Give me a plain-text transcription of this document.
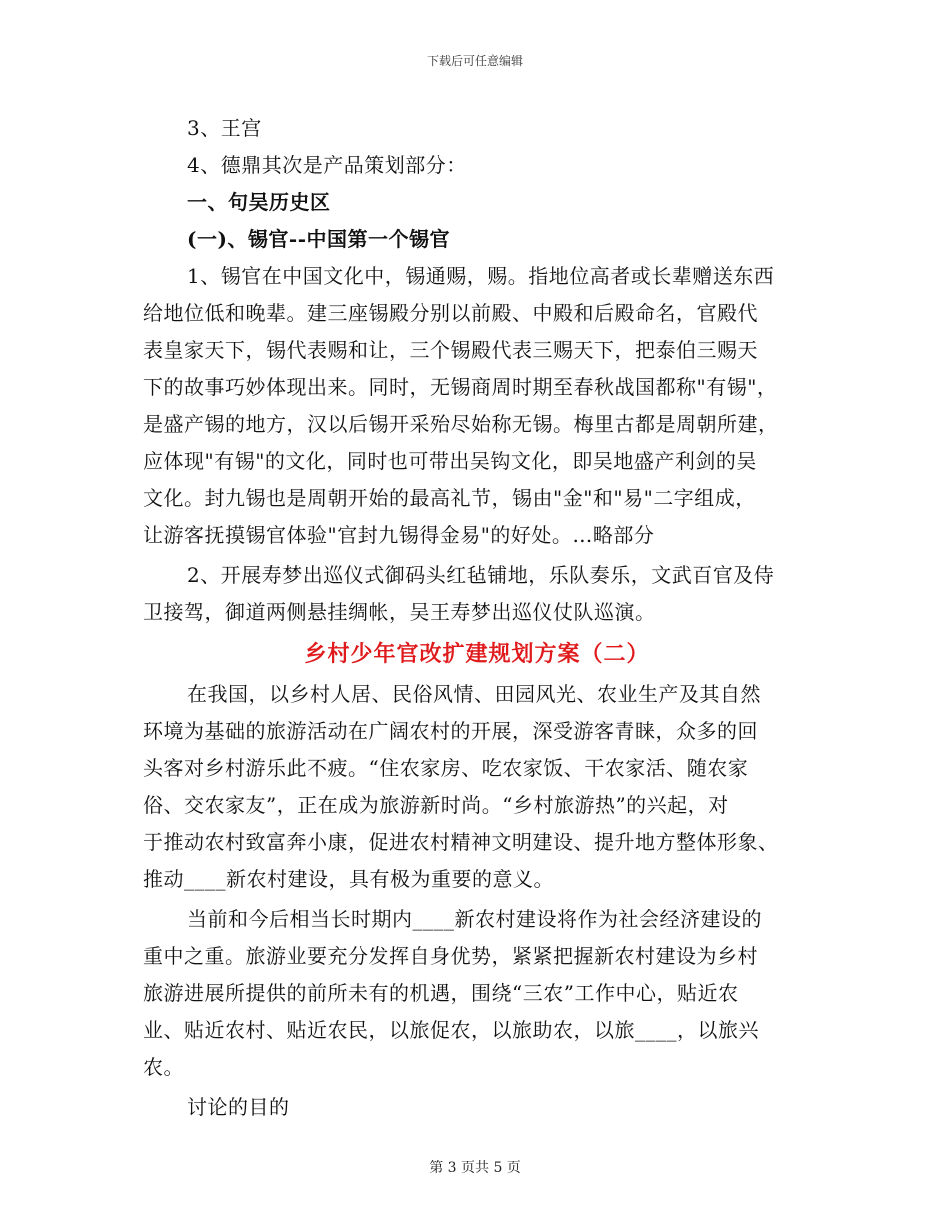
下载后可任意编辑

3、王宫

4、德鼎其次是产品策划部分：

一、句吴历史区

(一)、锡官--中国第一个锡官

1、锡官在中国文化中，锡通赐，赐。指地位高者或长辈赠送东西

给地位低和晚辈。建三座锡殿分别以前殿、中殿和后殿命名，官殿代

表皇家天下，锡代表赐和让，三个锡殿代表三赐天下，把泰伯三赐天

下的故事巧妙体现出来。同时，无锡商周时期至春秋战国都称"有锡"，

是盛产锡的地方，汉以后锡开采殆尽始称无锡。梅里古都是周朝所建，

应体现"有锡"的文化，同时也可带出吴钩文化，即吴地盛产利剑的吴

文化。封九锡也是周朝开始的最高礼节，锡由"金"和"易"二字组成，

让游客抚摸锡官体验"官封九锡得金易"的好处。…略部分

2、开展寿梦出巡仪式御码头红毡铺地，乐队奏乐，文武百官及侍

卫接驾，御道两侧悬挂绸帐，吴王寿梦出巡仪仗队巡演。

乡村少年官改扩建规划方案（二）

在我国，以乡村人居、民俗风情、田园风光、农业生产及其自然

环境为基础的旅游活动在广阔农村的开展，深受游客青睐，众多的回

头客对乡村游乐此不疲。“住农家房、吃农家饭、干农家活、随农家

俗、交农家友”，正在成为旅游新时尚。“乡村旅游热”的兴起，对

于推动农村致富奔小康，促进农村精神文明建设、提升地方整体形象、

推动____新农村建设，具有极为重要的意义。

当前和今后相当长时期内____新农村建设将作为社会经济建设的

重中之重。旅游业要充分发挥自身优势，紧紧把握新农村建设为乡村

旅游进展所提供的前所未有的机遇，围绕“三农”工作中心，贴近农

业、贴近农村、贴近农民，以旅促农，以旅助农，以旅____，以旅兴

农。

讨论的目的

第 3 页共 5 页
